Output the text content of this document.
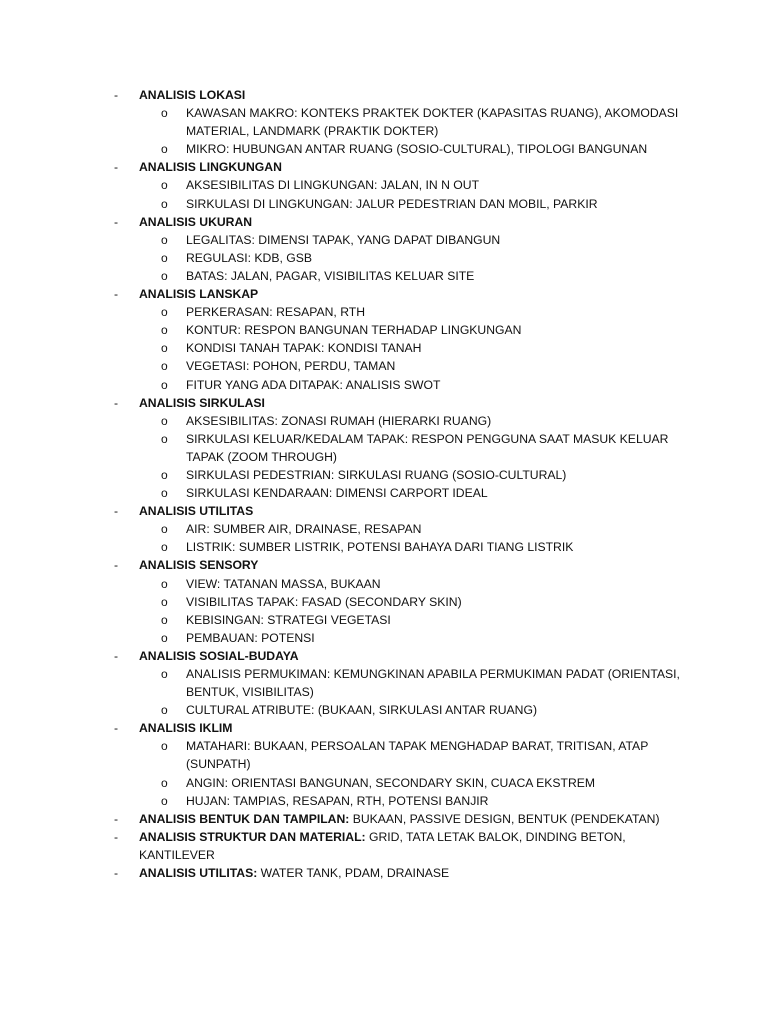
-	ANALISIS LOKASI
o KAWASAN MAKRO: KONTEKS PRAKTEK DOKTER (KAPASITAS RUANG), AKOMODASI MATERIAL, LANDMARK (PRAKTIK DOKTER)
o MIKRO: HUBUNGAN ANTAR RUANG (SOSIO-CULTURAL), TIPOLOGI BANGUNAN
-	ANALISIS LINGKUNGAN
o AKSESIBILITAS DI LINGKUNGAN: JALAN, IN N OUT
o SIRKULASI DI LINGKUNGAN: JALUR PEDESTRIAN DAN MOBIL, PARKIR
-	ANALISIS UKURAN
o LEGALITAS: DIMENSI TAPAK, YANG DAPAT DIBANGUN
o REGULASI: KDB, GSB
o BATAS: JALAN, PAGAR, VISIBILITAS KELUAR SITE
-	ANALISIS LANSKAP
o PERKERASAN: RESAPAN, RTH
o KONTUR: RESPON BANGUNAN TERHADAP LINGKUNGAN
o KONDISI TANAH TAPAK: KONDISI TANAH
o VEGETASI: POHON, PERDU, TAMAN
o FITUR YANG ADA DITAPAK: ANALISIS SWOT
-	ANALISIS SIRKULASI
o AKSESIBILITAS: ZONASI RUMAH (HIERARKI RUANG)
o SIRKULASI KELUAR/KEDALAM TAPAK: RESPON PENGGUNA SAAT MASUK KELUAR TAPAK (ZOOM THROUGH)
o SIRKULASI PEDESTRIAN: SIRKULASI RUANG (SOSIO-CULTURAL)
o SIRKULASI KENDARAAN: DIMENSI CARPORT IDEAL
-	ANALISIS UTILITAS
o AIR: SUMBER AIR, DRAINASE, RESAPAN
o LISTRIK: SUMBER LISTRIK, POTENSI BAHAYA DARI TIANG LISTRIK
-	ANALISIS SENSORY
o VIEW: TATANAN MASSA, BUKAAN
o VISIBILITAS TAPAK: FASAD (SECONDARY SKIN)
o KEBISINGAN: STRATEGI VEGETASI
o PEMBAUAN: POTENSI
-	ANALISIS SOSIAL-BUDAYA
o ANALISIS PERMUKIMAN: KEMUNGKINAN APABILA PERMUKIMAN PADAT (ORIENTASI, BENTUK, VISIBILITAS)
o CULTURAL ATRIBUTE: (BUKAAN, SIRKULASI ANTAR RUANG)
-	ANALISIS IKLIM
o MATAHARI: BUKAAN, PERSOALAN TAPAK MENGHADAP BARAT, TRITISAN, ATAP (SUNPATH)
o ANGIN: ORIENTASI BANGUNAN, SECONDARY SKIN, CUACA EKSTREM
o HUJAN: TAMPIAS, RESAPAN, RTH, POTENSI BANJIR
-	ANALISIS BENTUK DAN TAMPILAN: BUKAAN, PASSIVE DESIGN, BENTUK (PENDEKATAN)
-	ANALISIS STRUKTUR DAN MATERIAL: GRID, TATA LETAK BALOK, DINDING BETON, KANTILEVER
-	ANALISIS UTILITAS: WATER TANK, PDAM, DRAINASE
